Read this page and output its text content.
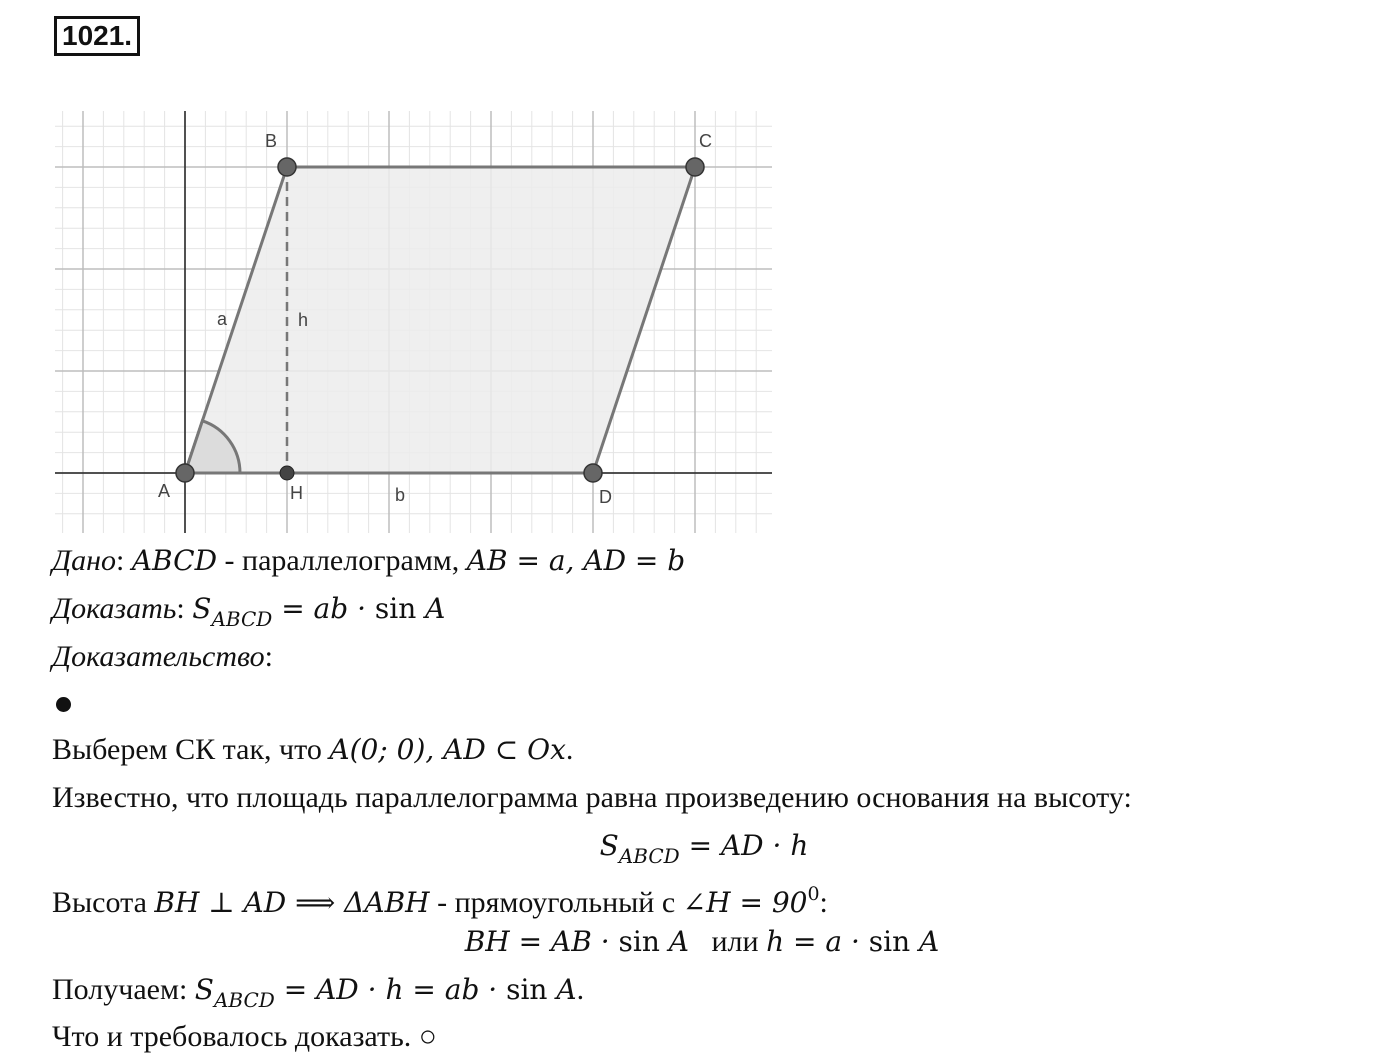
1021.
A
B	C
D
H
a
b
h
Дано: ABCD - параллелограмм, AB = a, AD = b
Доказать: $S_{ABCD}$ = ab · sin A
Доказательство:
Выберем СК так, что A(0; 0), AD ⊂ Ox.
Известно, что площадь параллелограмма равна произведению основания на высоту:
$S_{ABCD}$ = AD · h
Высота BH ⊥ AD ⟹ ΔABH - прямоугольный с ∠H = $90^0$:
BH = AB · sin A   или h = a · sin A
Получаем: $S_{ABCD}$ = AD · h = ab · sin A.
Что и требовалось доказать. ○
